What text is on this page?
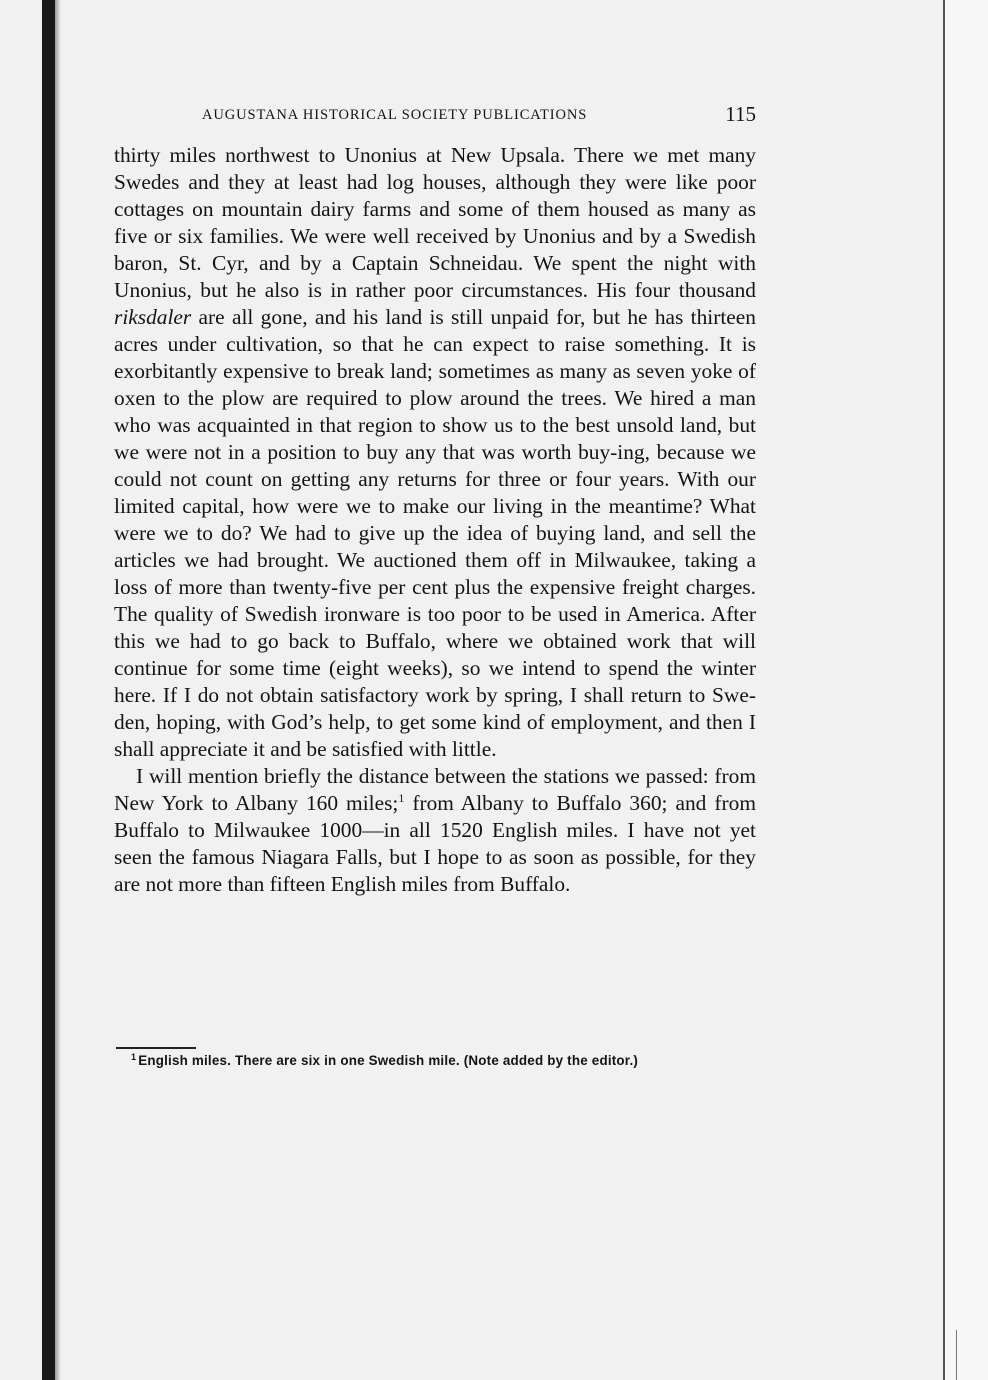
AUGUSTANA HISTORICAL SOCIETY PUBLICATIONS	115

thirty miles northwest to Unonius at New Upsala. There we met many Swedes and they at least had log houses, although they were like poor cottages on mountain dairy farms and some of them housed as many as five or six families. We were well received by Unonius and by a Swedish baron, St. Cyr, and by a Captain Schneidau. We spent the night with Unonius, but he also is in rather poor circumstances. His four thousand riksdaler are all gone, and his land is still unpaid for, but he has thirteen acres under cultivation, so that he can expect to raise something. It is exorbitantly expensive to break land; sometimes as many as seven yoke of oxen to the plow are required to plow around the trees. We hired a man who was acquainted in that region to show us to the best unsold land, but we were not in a position to buy any that was worth buy-ing, because we could not count on getting any returns for three or four years. With our limited capital, how were we to make our living in the meantime? What were we to do? We had to give up the idea of buying land, and sell the articles we had brought. We auctioned them off in Milwaukee, taking a loss of more than twenty-five per cent plus the expensive freight charges. The quality of Swedish ironware is too poor to be used in America. After this we had to go back to Buffalo, where we obtained work that will continue for some time (eight weeks), so we intend to spend the winter here. If I do not obtain satisfactory work by spring, I shall return to Swe-den, hoping, with God’s help, to get some kind of employment, and then I shall appreciate it and be satisfied with little.

I will mention briefly the distance between the stations we passed: from New York to Albany 160 miles;$^1$ from Albany to Buffalo 360; and from Buffalo to Milwaukee 1000—in all 1520 English miles. I have not yet seen the famous Niagara Falls, but I hope to as soon as possible, for they are not more than fifteen English miles from Buffalo.

$^1$ English miles. There are six in one Swedish mile. (Note added by the editor.)
